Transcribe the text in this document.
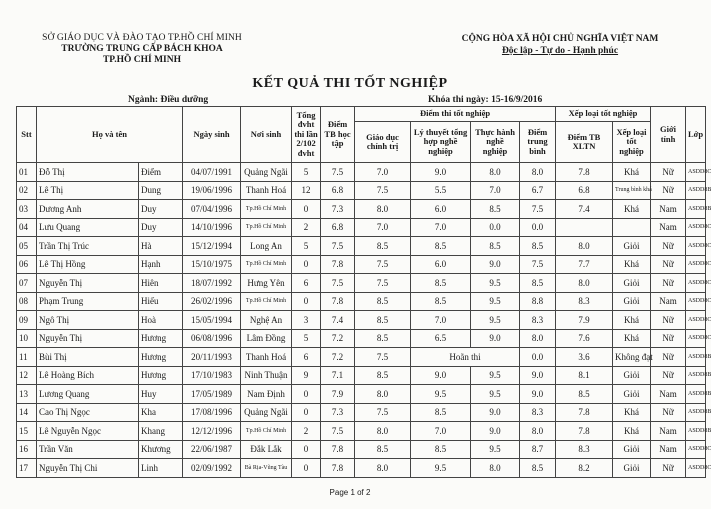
SỞ GIÁO DỤC VÀ ĐÀO TẠO TP.HỒ CHÍ MINH
TRƯỜNG TRUNG CẤP BÁCH KHOA
TP.HỒ CHÍ MINH
CỘNG HÒA XÃ HỘI CHỦ NGHĨA VIỆT NAM
Độc lập - Tự do - Hạnh phúc
KẾT QUẢ THI TỐT NGHIỆP
Ngành: Điều dưỡng	Khóa thi ngày: 15-16/9/2016
Stt	Họ và tên		Ngày sinh	Nơi sinh	Tổng đvht thi lần 2/102 đvht	Điểm TB học tập	Điểm thi tốt nghiệp				Xếp loại tốt nghiệp		Giới tính	Lớp
							Giáo dục chính trị	Lý thuyết tổng hợp nghề nghiệp	Thực hành nghề nghiệp	Điểm trung bình	Điểm TB XLTN	Xếp loại tốt nghiệp		
01	Đỗ Thị	Điểm	04/07/1991	Quảng Ngãi	5	7.5	7.0	9.0	8.0	8.0	7.8	Khá	Nữ	ASDD8C
02	Lê Thị	Dung	19/06/1996	Thanh Hoá	12	6.8	7.5	5.5	7.0	6.7	6.8	Trung bình khá	Nữ	ASDD8B
03	Dương Anh	Duy	07/04/1996	Tp.Hồ Chí Minh	0	7.3	8.0	6.0	8.5	7.5	7.4	Khá	Nam	ASDD8B
04	Lưu Quang	Duy	14/10/1996	Tp.Hồ Chí Minh	2	6.8	7.0	7.0	0.0	0.0			Nam	ASDD8C
05	Trần Thị Trúc	Hà	15/12/1994	Long An	5	7.5	8.5	8.5	8.5	8.5	8.0	Giỏi	Nữ	ASDD8C
06	Lê Thị Hồng	Hạnh	15/10/1975	Tp.Hồ Chí Minh	0	7.8	7.5	6.0	9.0	7.5	7.7	Khá	Nữ	ASDD8C
07	Nguyễn Thị	Hiên	18/07/1992	Hưng Yên	6	7.5	7.5	8.5	9.5	8.5	8.0	Giỏi	Nữ	ASDD8C
08	Phạm Trung	Hiếu	26/02/1996	Tp.Hồ Chí Minh	0	7.8	8.5	8.5	9.5	8.8	8.3	Giỏi	Nam	ASDD8C
09	Ngô Thị	Hoà	15/05/1994	Nghệ An	3	7.4	8.5	7.0	9.5	8.3	7.9	Khá	Nữ	ASDD8C
10	Nguyễn Thị	Hương	06/08/1996	Lâm Đồng	5	7.2	8.5	6.5	9.0	8.0	7.6	Khá	Nữ	ASDD8C
11	Bùi Thị	Hương	20/11/1993	Thanh Hoá	6	7.2	7.5	Hoãn thi		0.0	3.6	Không đạt	Nữ	ASDD8B
12	Lê Hoàng Bích	Hương	17/10/1983	Ninh Thuận	9	7.1	8.5	9.0	9.5	9.0	8.1	Giỏi	Nữ	ASDD8B
13	Lương Quang	Huy	17/05/1989	Nam Định	0	7.9	8.0	9.5	9.5	9.0	8.5	Giỏi	Nam	ASDD8B
14	Cao Thị Ngọc	Kha	17/08/1996	Quảng Ngãi	0	7.3	7.5	8.5	9.0	8.3	7.8	Khá	Nữ	ASDD8B
15	Lê Nguyễn Ngọc	Khang	12/12/1996	Tp.Hồ Chí Minh	2	7.5	8.0	7.0	9.0	8.0	7.8	Khá	Nam	ASDD8B
16	Trần Văn	Khương	22/06/1987	Đắk Lắk	0	7.8	8.5	8.5	9.5	8.7	8.3	Giỏi	Nam	ASDD8C
17	Nguyễn Thị Chi	Linh	02/09/1992	Bà Rịa-Vũng Tàu	0	7.8	8.0	9.5	8.0	8.5	8.2	Giỏi	Nữ	ASDD8C
Page 1 of 2
